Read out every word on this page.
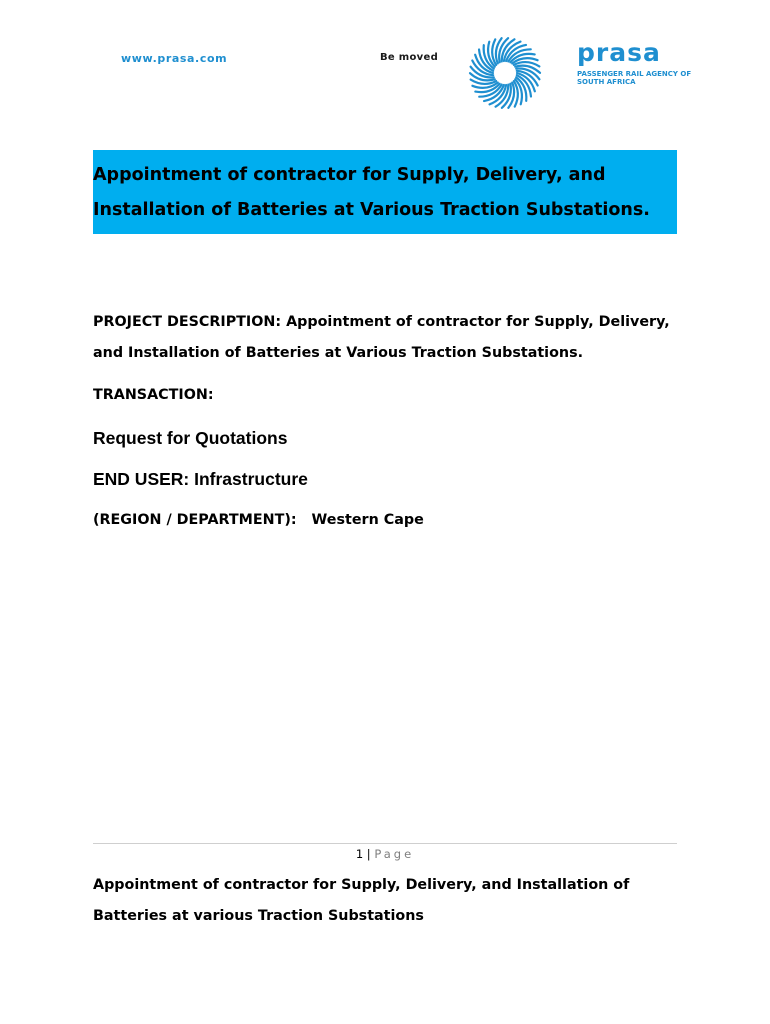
www.prasa.com	Be moved	prasa
PASSENGER RAIL AGENCY OF SOUTH AFRICA
Appointment of contractor for Supply, Delivery, and Installation of Batteries at Various Traction Substations.
PROJECT DESCRIPTION: Appointment of contractor for Supply, Delivery, and Installation of Batteries at Various Traction Substations.
TRANSACTION:
Request for Quotations
END USER: Infrastructure
(REGION / DEPARTMENT): Western Cape
1 | Page
Appointment of contractor for Supply, Delivery, and Installation of Batteries at various Traction Substations
